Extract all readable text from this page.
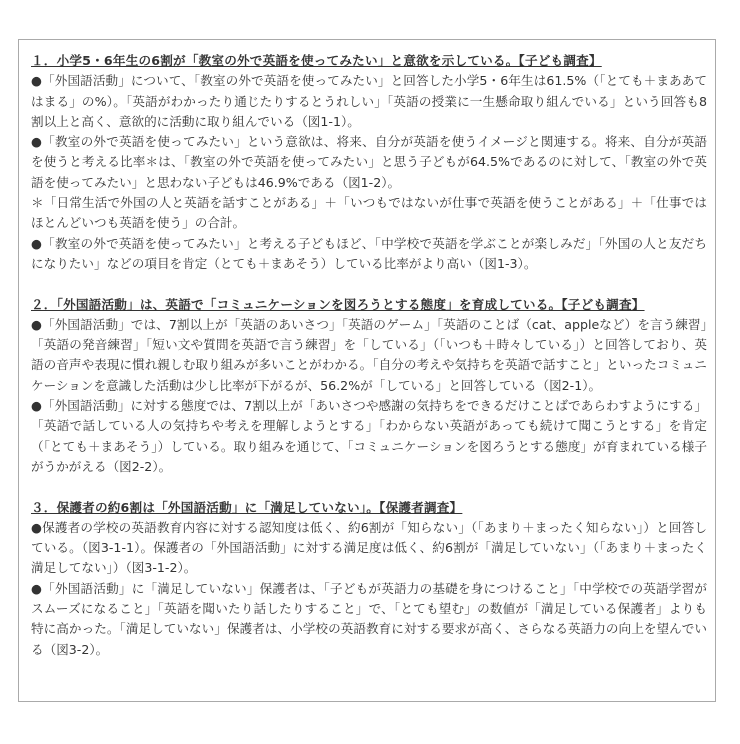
１．小学5・6年生の6割が「教室の外で英語を使ってみたい」と意欲を示している。【子ども調査】

●「外国語活動」について、「教室の外で英語を使ってみたい」と回答した小学5・6年生は61.5%（「とても＋まああてはまる」の%）。「英語がわかったり通じたりするとうれしい」「英語の授業に一生懸命取り組んでいる」という回答も8割以上と高く、意欲的に活動に取り組んでいる（図1-1）。

●「教室の外で英語を使ってみたい」という意欲は、将来、自分が英語を使うイメージと関連する。将来、自分が英語を使うと考える比率＊は、「教室の外で英語を使ってみたい」と思う子どもが64.5%であるのに対して、「教室の外で英語を使ってみたい」と思わない子どもは46.9%である（図1-2）。

＊「日常生活で外国の人と英語を話すことがある」＋「いつもではないが仕事で英語を使うことがある」＋「仕事ではほとんどいつも英語を使う」の合計。

●「教室の外で英語を使ってみたい」と考える子どもほど、「中学校で英語を学ぶことが楽しみだ」「外国の人と友だちになりたい」などの項目を肯定（とても＋まあそう）している比率がより高い（図1-3）。

２．「外国語活動」は、英語で「コミュニケーションを図ろうとする態度」を育成している。【子ども調査】

●「外国語活動」では、7割以上が「英語のあいさつ」「英語のゲーム」「英語のことば（cat、appleなど）を言う練習」「英語の発音練習」「短い文や質問を英語で言う練習」を「している」（「いつも＋時々している」）と回答しており、英語の音声や表現に慣れ親しむ取り組みが多いことがわかる。「自分の考えや気持ちを英語で話すこと」といったコミュニケーションを意識した活動は少し比率が下がるが、56.2%が「している」と回答している（図2-1）。

●「外国語活動」に対する態度では、7割以上が「あいさつや感謝の気持ちをできるだけことばであらわすようにする」「英語で話している人の気持ちや考えを理解しようとする」「わからない英語があっても続けて聞こうとする」を肯定（「とても＋まあそう」）している。取り組みを通じて、「コミュニケーションを図ろうとする態度」が育まれている様子がうかがえる（図2-2）。

３．保護者の約6割は「外国語活動」に「満足していない」。【保護者調査】

●保護者の学校の英語教育内容に対する認知度は低く、約6割が「知らない」（「あまり＋まったく知らない」）と回答している。（図3-1-1）。保護者の「外国語活動」に対する満足度は低く、約6割が「満足していない」（「あまり＋まったく満足してない」）（図3-1-2）。

●「外国語活動」に「満足していない」保護者は、「子どもが英語力の基礎を身につけること」「中学校での英語学習がスムーズになること」「英語を聞いたり話したりすること」で、「とても望む」の数値が「満足している保護者」よりも特に高かった。「満足していない」保護者は、小学校の英語教育に対する要求が高く、さらなる英語力の向上を望んでいる（図3-2）。
